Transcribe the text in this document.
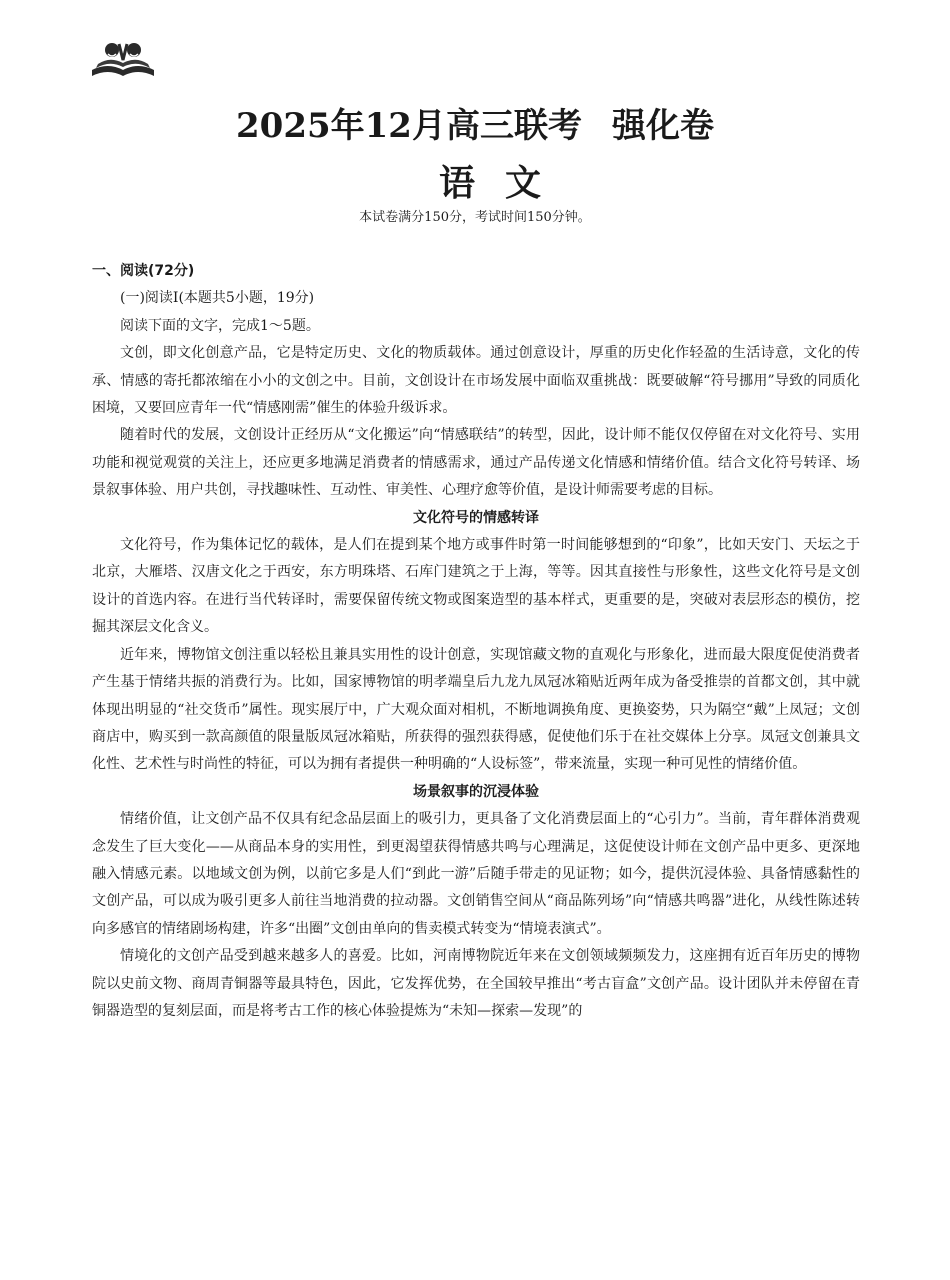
2025年12月高三联考 强化卷
语文

本试卷满分150分，考试时间150分钟。

一、阅读(72分)

(一)阅读Ⅰ(本题共5小题，19分)

阅读下面的文字，完成1～5题。

文创，即文化创意产品，它是特定历史、文化的物质载体。通过创意设计，厚重的历史化作轻盈的生活诗意，文化的传承、情感的寄托都浓缩在小小的文创之中。目前，文创设计在市场发展中面临双重挑战：既要破解“符号挪用”导致的同质化困境，又要回应青年一代“情感刚需”催生的体验升级诉求。

随着时代的发展，文创设计正经历从“文化搬运”向“情感联结”的转型，因此，设计师不能仅仅停留在对文化符号、实用功能和视觉观赏的关注上，还应更多地满足消费者的情感需求，通过产品传递文化情感和情绪价值。结合文化符号转译、场景叙事体验、用户共创，寻找趣味性、互动性、审美性、心理疗愈等价值，是设计师需要考虑的目标。

文化符号的情感转译

文化符号，作为集体记忆的载体，是人们在提到某个地方或事件时第一时间能够想到的“印象”，比如天安门、天坛之于北京，大雁塔、汉唐文化之于西安，东方明珠塔、石库门建筑之于上海，等等。因其直接性与形象性，这些文化符号是文创设计的首选内容。在进行当代转译时，需要保留传统文物或图案造型的基本样式，更重要的是，突破对表层形态的模仿，挖掘其深层文化含义。

近年来，博物馆文创注重以轻松且兼具实用性的设计创意，实现馆藏文物的直观化与形象化，进而最大限度促使消费者产生基于情绪共振的消费行为。比如，国家博物馆的明孝端皇后九龙九凤冠冰箱贴近两年成为备受推崇的首都文创，其中就体现出明显的“社交货币”属性。现实展厅中，广大观众面对相机，不断地调换角度、更换姿势，只为隔空“戴”上凤冠；文创商店中，购买到一款高颜值的限量版凤冠冰箱贴，所获得的强烈获得感，促使他们乐于在社交媒体上分享。凤冠文创兼具文化性、艺术性与时尚性的特征，可以为拥有者提供一种明确的“人设标签”，带来流量，实现一种可见性的情绪价值。

场景叙事的沉浸体验

情绪价值，让文创产品不仅具有纪念品层面上的吸引力，更具备了文化消费层面上的“心引力”。当前，青年群体消费观念发生了巨大变化——从商品本身的实用性，到更渴望获得情感共鸣与心理满足，这促使设计师在文创产品中更多、更深地融入情感元素。以地域文创为例，以前它多是人们“到此一游”后随手带走的见证物；如今，提供沉浸体验、具备情感黏性的文创产品，可以成为吸引更多人前往当地消费的拉动器。文创销售空间从“商品陈列场”向“情感共鸣器”进化，从线性陈述转向多感官的情绪剧场构建，许多“出圈”文创由单向的售卖模式转变为“情境表演式”。

情境化的文创产品受到越来越多人的喜爱。比如，河南博物院近年来在文创领域频频发力，这座拥有近百年历史的博物院以史前文物、商周青铜器等最具特色，因此，它发挥优势，在全国较早推出“考古盲盒”文创产品。设计团队并未停留在青铜器造型的复刻层面，而是将考古工作的核心体验提炼为“未知—探索—发现”的
